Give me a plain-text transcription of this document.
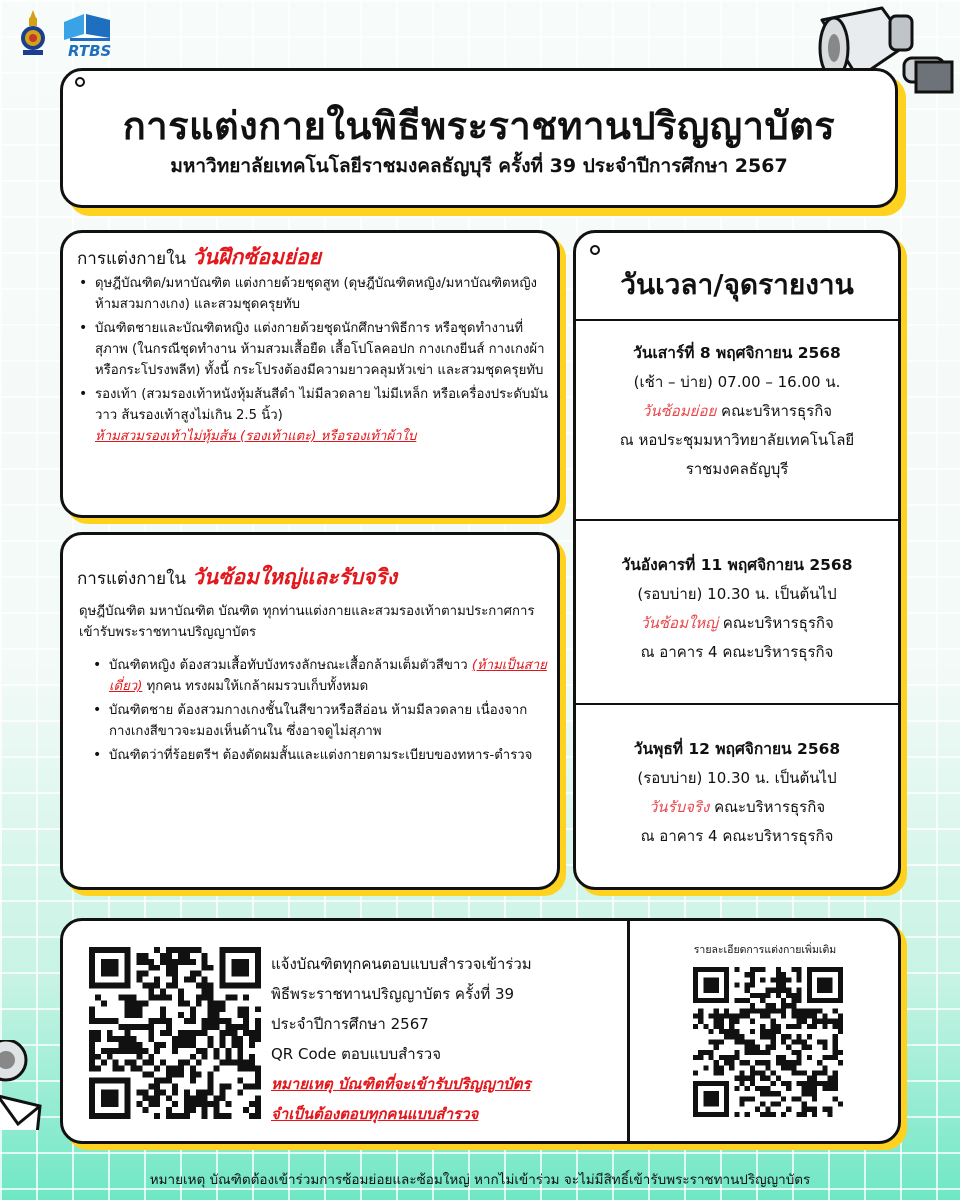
RTBS
การแต่งกายในพิธีพระราชทานปริญญาบัตร
มหาวิทยาลัยเทคโนโลยีราชมงคลธัญบุรี ครั้งที่ 39 ประจำปีการศึกษา 2567
การแต่งกายใน วันฝึกซ้อมย่อย
• ดุษฎีบัณฑิต/มหาบัณฑิต แต่งกายด้วยชุดสูท (ดุษฎีบัณฑิตหญิง/มหาบัณฑิตหญิง ห้ามสวมกางเกง) และสวมชุดครุยทับ
• บัณฑิตชายและบัณฑิตหญิง แต่งกายด้วยชุดนักศึกษาพิธีการ หรือชุดทำงานที่สุภาพ (ในกรณีชุดทำงาน ห้ามสวมเสื้อยืด เสื้อโปโลคอปก กางเกงยีนส์ กางเกงผ้า หรือกระโปรงพลีท) ทั้งนี้ กระโปรงต้องมีความยาวคลุมหัวเข่า และสวมชุดครุยทับ
• รองเท้า (สวมรองเท้าหนังหุ้มส้นสีดำ ไม่มีลวดลาย ไม่มีเหล็ก หรือเครื่องประดับมันวาว ส้นรองเท้าสูงไม่เกิน 2.5 นิ้ว)
ห้ามสวมรองเท้าไม่หุ้มส้น (รองเท้าแตะ) หรือรองเท้าผ้าใบ
การแต่งกายใน วันซ้อมใหญ่และรับจริง
ดุษฎีบัณฑิต มหาบัณฑิต บัณฑิต ทุกท่านแต่งกายและสวมรองเท้าตามประกาศการเข้ารับพระราชทานปริญญาบัตร
• บัณฑิตหญิง ต้องสวมเสื้อทับบังทรงลักษณะเสื้อกล้ามเต็มตัวสีขาว (ห้ามเป็นสายเดี่ยว) ทุกคน ทรงผมให้เกล้าผมรวบเก็บทั้งหมด
• บัณฑิตชาย ต้องสวมกางเกงชั้นในสีขาวหรือสีอ่อน ห้ามมีลวดลาย เนื่องจากกางเกงสีขาวจะมองเห็นด้านใน ซึ่งอาจดูไม่สุภาพ
• บัณฑิตว่าที่ร้อยตรีฯ ต้องตัดผมสั้นและแต่งกายตามระเบียบของทหาร-ตำรวจ
วันเวลา/จุดรายงาน
วันเสาร์ที่ 8 พฤศจิกายน 2568
(เช้า – บ่าย) 07.00 – 16.00 น.
วันซ้อมย่อย คณะบริหารธุรกิจ
ณ หอประชุมมหาวิทยาลัยเทคโนโลยี
ราชมงคลธัญบุรี
วันอังคารที่ 11 พฤศจิกายน 2568
(รอบบ่าย) 10.30 น. เป็นต้นไป
วันซ้อมใหญ่ คณะบริหารธุรกิจ
ณ อาคาร 4 คณะบริหารธุรกิจ
วันพุธที่ 12 พฤศจิกายน 2568
(รอบบ่าย) 10.30 น. เป็นต้นไป
วันรับจริง คณะบริหารธุรกิจ
ณ อาคาร 4 คณะบริหารธุรกิจ
แจ้งบัณฑิตทุกคนตอบแบบสำรวจเข้าร่วม
พิธีพระราชทานปริญญาบัตร ครั้งที่ 39
ประจำปีการศึกษา 2567
QR Code ตอบแบบสำรวจ
หมายเหตุ บัณฑิตที่จะเข้ารับปริญญาบัตร
จำเป็นต้องตอบทุกคนแบบสำรวจ
รายละเอียดการแต่งกายเพิ่มเติม
หมายเหตุ บัณฑิตต้องเข้าร่วมการซ้อมย่อยและซ้อมใหญ่ หากไม่เข้าร่วม จะไม่มีสิทธิ์เข้ารับพระราชทานปริญญาบัตร
